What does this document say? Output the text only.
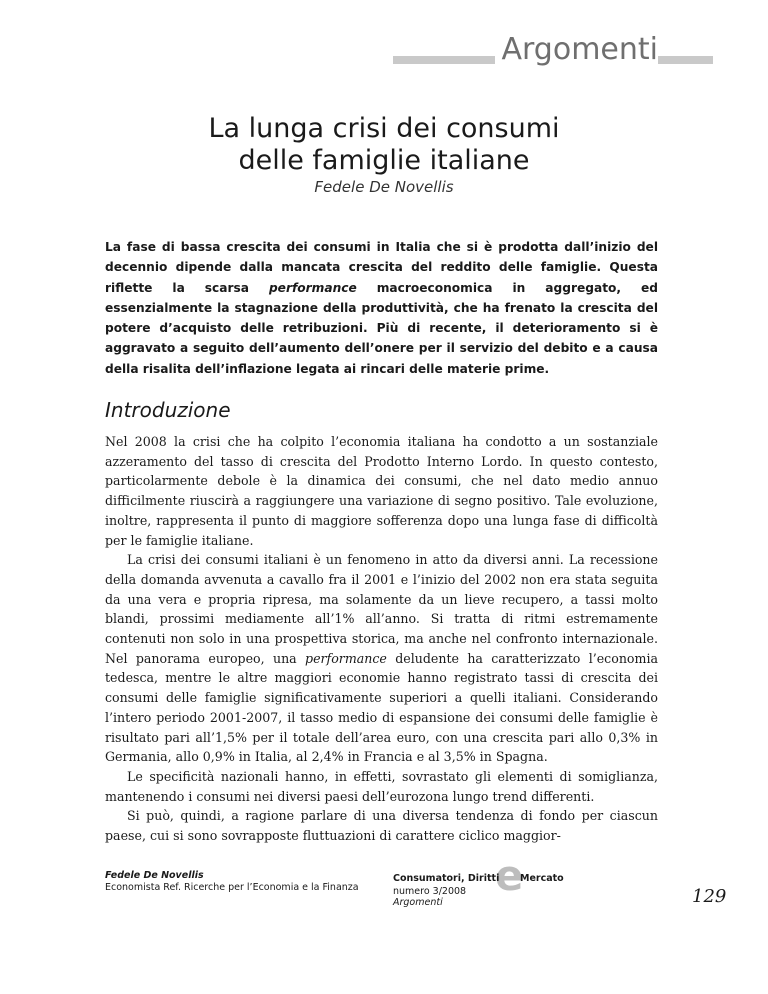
Argomenti
La lunga crisi dei consumi
delle famiglie italiane
Fedele De Novellis
La fase di bassa crescita dei consumi in Italia che si è prodotta dall’inizio del decennio dipende dalla mancata crescita del reddito delle famiglie. Questa riflette la scarsa performance macroeconomica in aggregato, ed essenzialmente la stagnazione della produttività, che ha frenato la crescita del potere d’acquisto delle retribuzioni. Più di recente, il deterioramento si è aggravato a seguito dell’aumento dell’onere per il servizio del debito e a causa della risalita dell’inflazione legata ai rincari delle materie prime.
Introduzione

Nel 2008 la crisi che ha colpito l’economia italiana ha condotto a un sostanziale azzeramento del tasso di crescita del Prodotto Interno Lordo. In questo contesto, particolarmente debole è la dinamica dei consumi, che nel dato medio annuo difficilmente riuscirà a raggiungere una variazione di segno positivo. Tale evoluzione, inoltre, rappresenta il punto di maggiore sofferenza dopo una lunga fase di difficoltà per le famiglie italiane.

La crisi dei consumi italiani è un fenomeno in atto da diversi anni. La recessione della domanda avvenuta a cavallo fra il 2001 e l’inizio del 2002 non era stata seguita da una vera e propria ripresa, ma solamente da un lieve recupero, a tassi molto blandi, prossimi mediamente all’1% all’anno. Si tratta di ritmi estremamente contenuti non solo in una prospettiva storica, ma anche nel confronto internazionale. Nel panorama europeo, una performance deludente ha caratterizzato l’economia tedesca, mentre le altre maggiori economie hanno registrato tassi di crescita dei consumi delle famiglie significativamente superiori a quelli italiani. Considerando l’intero periodo 2001-2007, il tasso medio di espansione dei consumi delle famiglie è risultato pari all’1,5% per il totale dell’area euro, con una crescita pari allo 0,3% in Germania, allo 0,9% in Italia, al 2,4% in Francia e al 3,5% in Spagna.

Le specificità nazionali hanno, in effetti, sovrastato gli elementi di somiglianza, mantenendo i consumi nei diversi paesi dell’eurozona lungo trend differenti.

Si può, quindi, a ragione parlare di una diversa tendenza di fondo per ciascun paese, cui si sono sovrapposte fluttuazioni di carattere ciclico maggior-

Fedele De Novellis
Economista Ref. Ricerche per l’Economia e la Finanza	e
Consumatori, Diritti Mercato
numero 3/2008
Argomenti	129
